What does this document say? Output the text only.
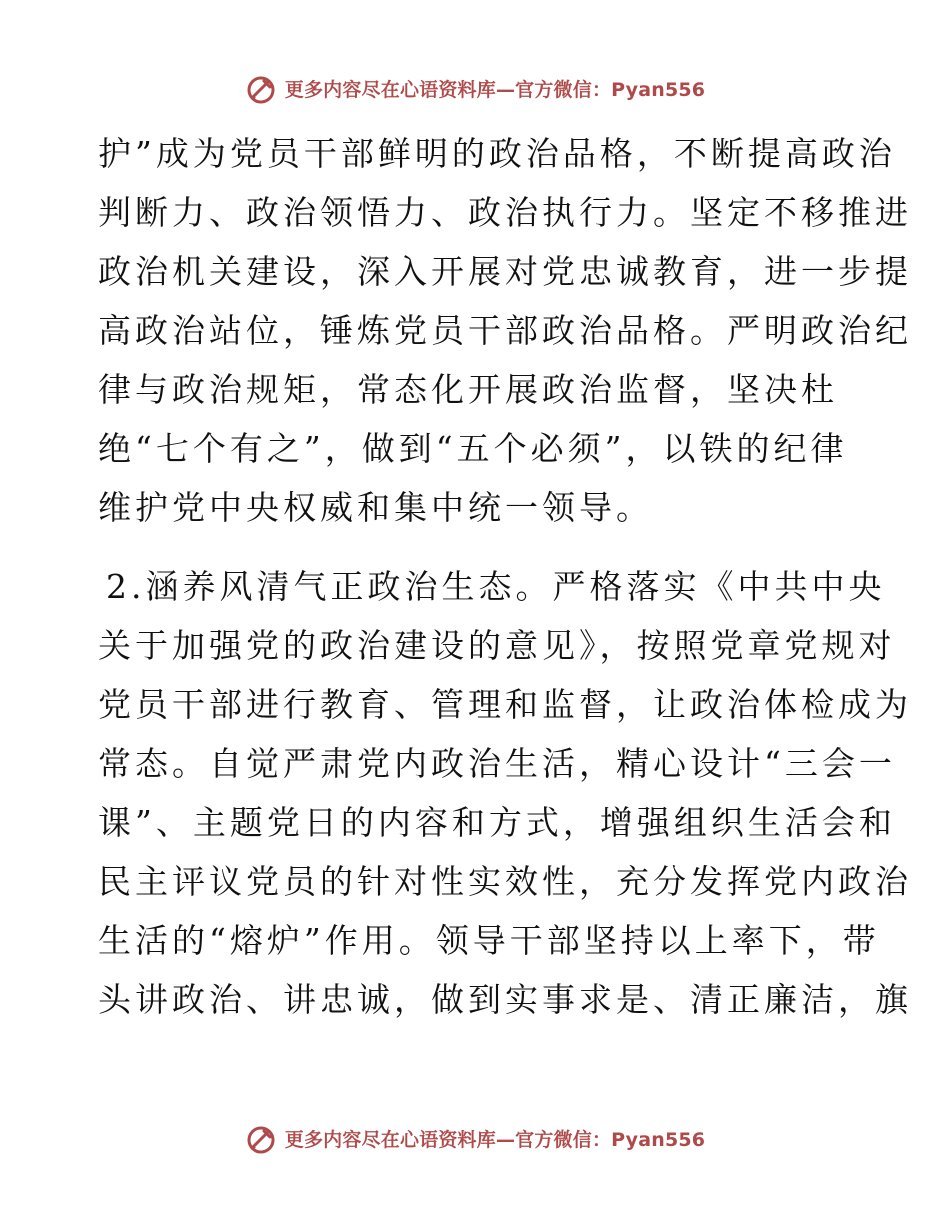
更多内容尽在心语资料库—官方微信：Pyan556
护”成为党员干部鲜明的政治品格，不断提高政治
判断力、政治领悟力、政治执行力。坚定不移推进
政治机关建设，深入开展对党忠诚教育，进一步提
高政治站位，锤炼党员干部政治品格。严明政治纪
律与政治规矩，常态化开展政治监督，坚决杜
绝“七个有之”，做到“五个必须”，以铁的纪律
维护党中央权威和集中统一领导。
2.涵养风清气正政治生态。严格落实《中共中央
关于加强党的政治建设的意见》，按照党章党规对
党员干部进行教育、管理和监督，让政治体检成为
常态。自觉严肃党内政治生活，精心设计“三会一
课”、主题党日的内容和方式，增强组织生活会和
民主评议党员的针对性实效性，充分发挥党内政治
生活的“熔炉”作用。领导干部坚持以上率下，带
头讲政治、讲忠诚，做到实事求是、清正廉洁，旗
更多内容尽在心语资料库—官方微信：Pyan556
